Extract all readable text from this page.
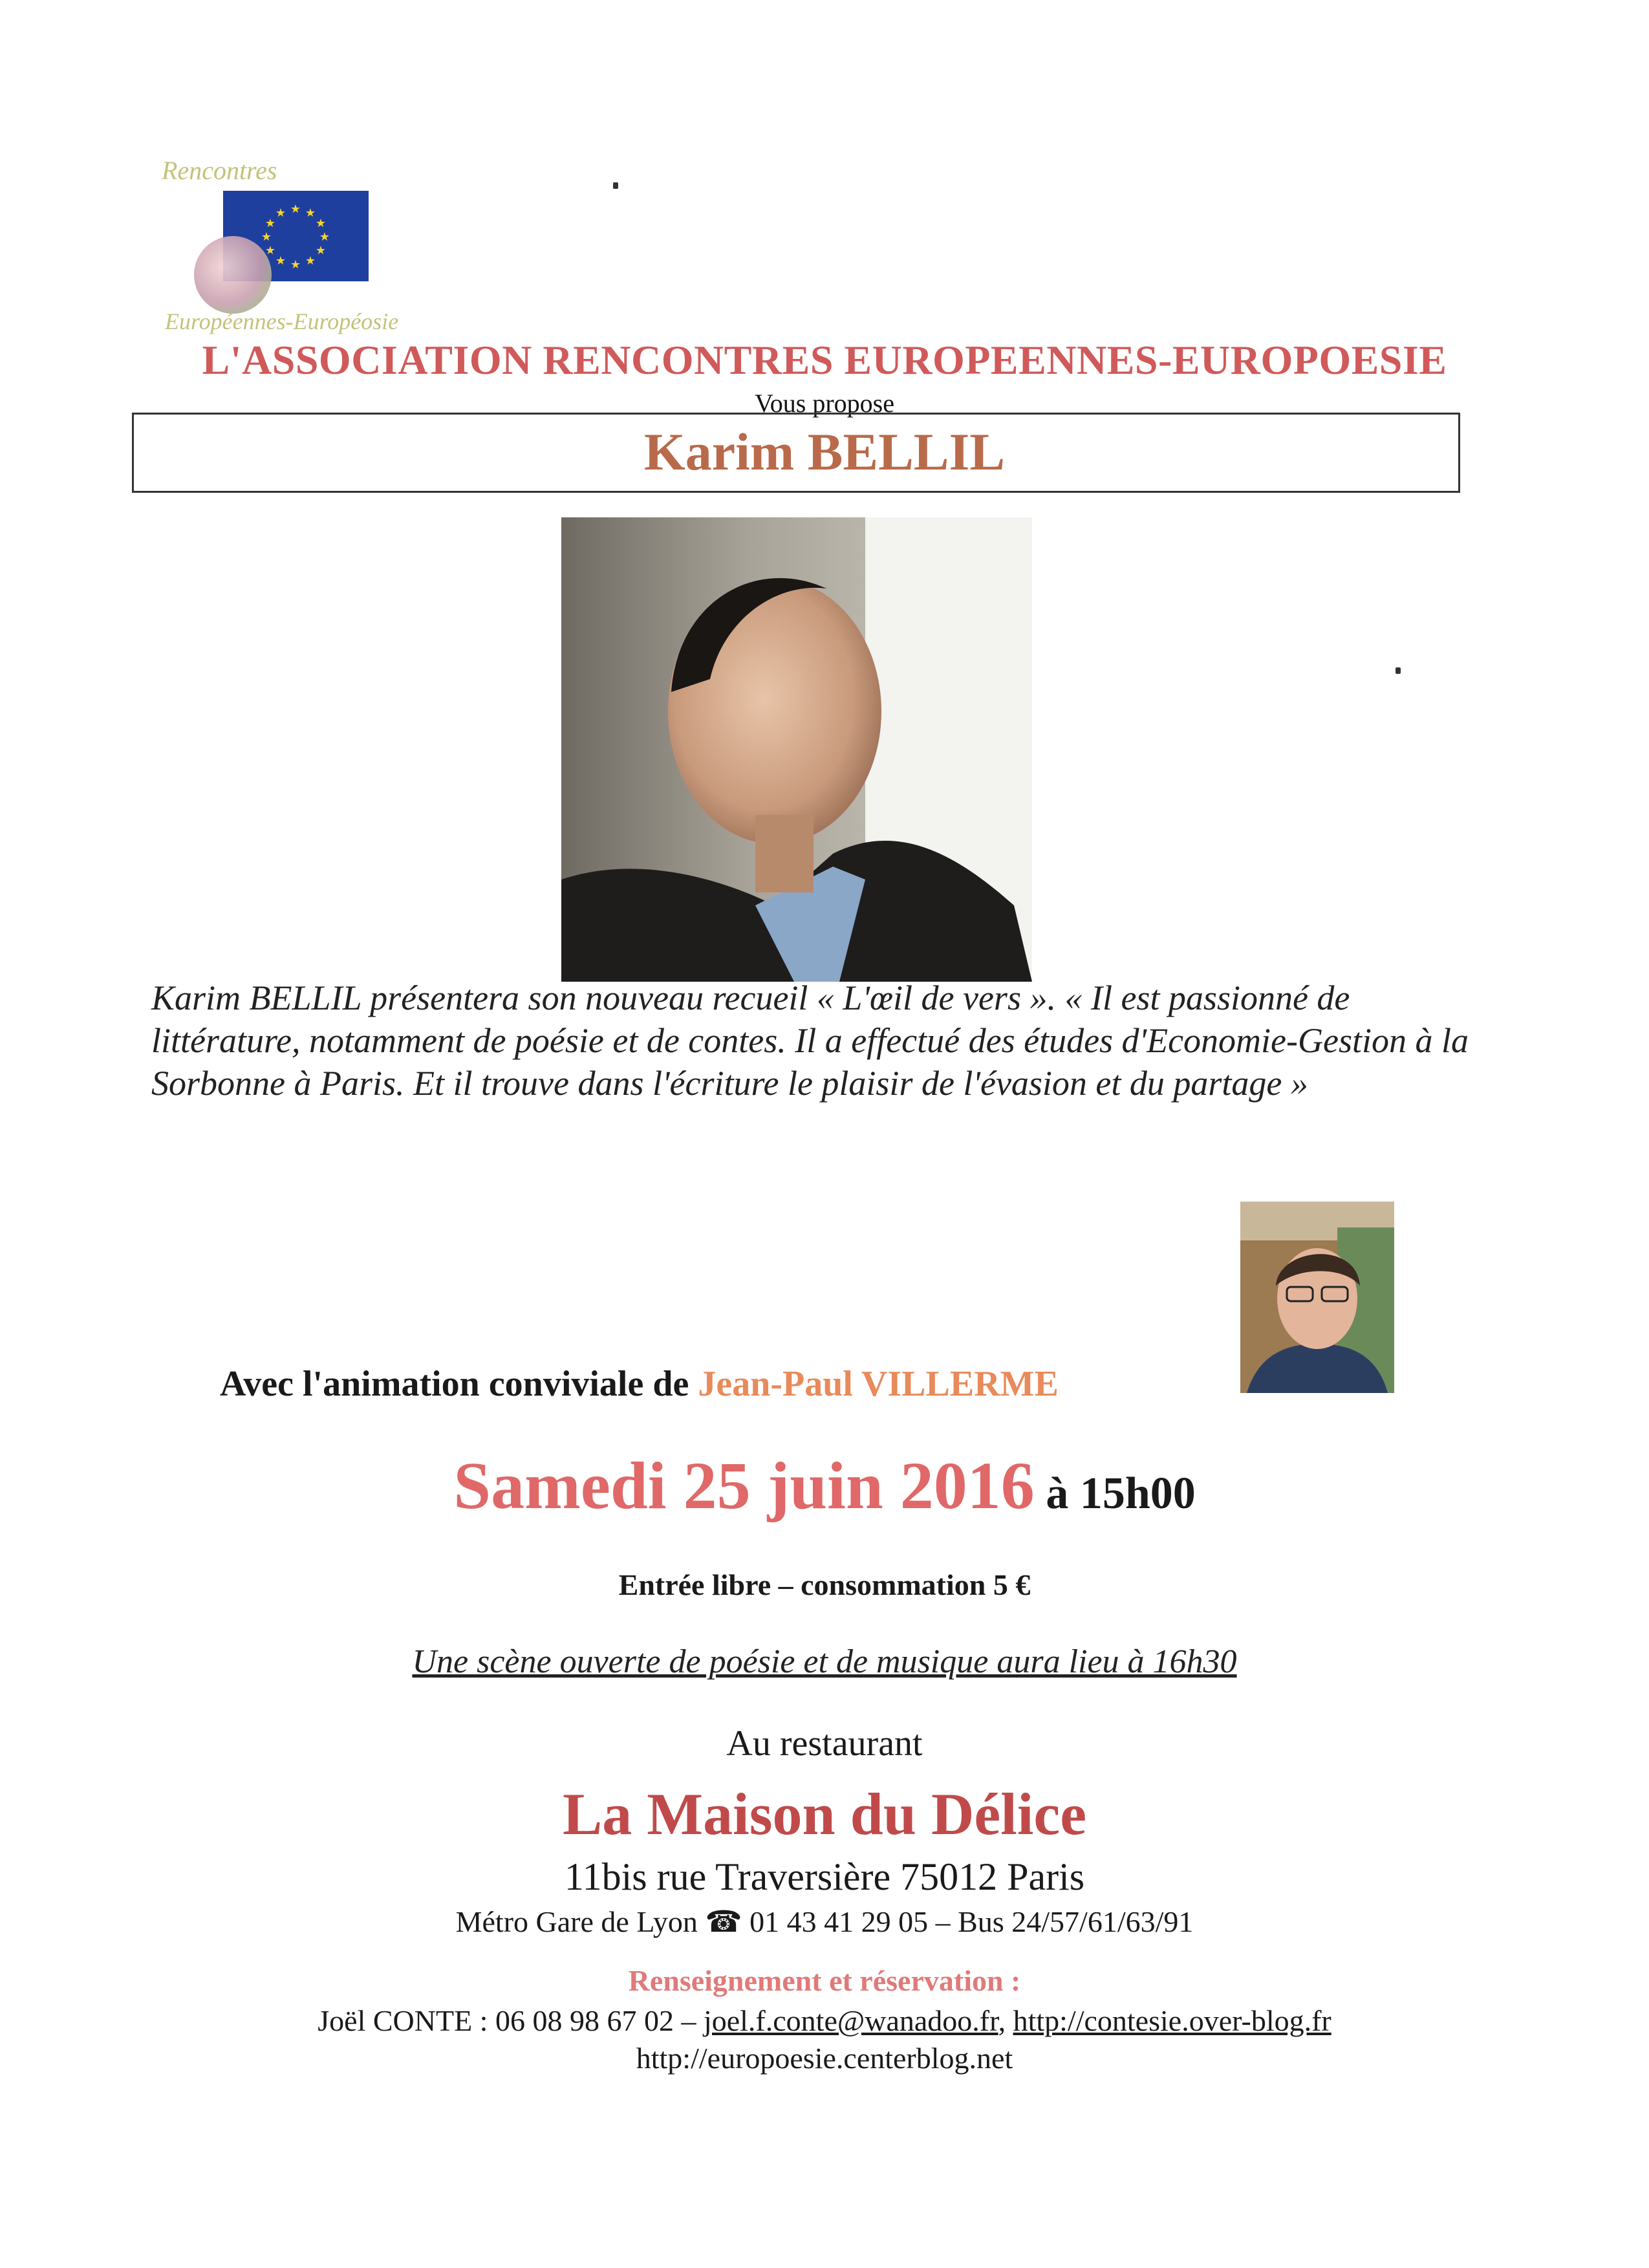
Rencontres
★ ★
★
★
★
★
★
★
★
★
★
★
Européennes-Européosie
L'ASSOCIATION RENCONTRES EUROPEENNES-EUROPOESIE
Vous propose
Karim BELLIL
Karim BELLIL présentera son nouveau recueil « L'œil de vers ». « Il est passionné de littérature, notamment de poésie et de contes. Il a effectué des études d'Economie-Gestion à la Sorbonne à Paris. Et il trouve dans l'écriture le plaisir de l'évasion et du partage »
Avec l'animation conviviale de Jean-Paul VILLERME
Samedi 25 juin 2016 à 15h00
Entrée libre – consommation 5 €
Une scène ouverte de poésie et de musique aura lieu à 16h30
Au restaurant
La Maison du Délice
11bis rue Traversière 75012 Paris
Métro Gare de Lyon ☎ 01 43 41 29 05 – Bus 24/57/61/63/91
Renseignement et réservation :
Joël CONTE : 06 08 98 67 02 – joel.f.conte@wanadoo.fr, http://contesie.over-blog.fr
http://europoesie.centerblog.net
